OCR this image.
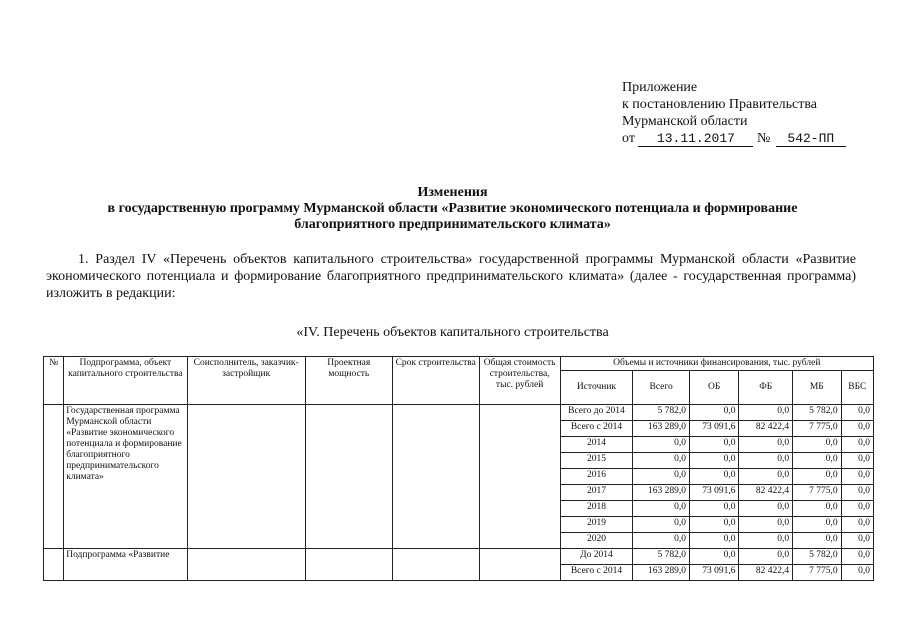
Приложение
к постановлению Правительства
Мурманской области
от 13.11.2017 № 542-ПП
Изменения
в государственную программу Мурманской области «Развитие экономического потенциала и формирование
благоприятного предпринимательского климата»
1. Раздел IV «Перечень объектов капитального строительства» государственной программы Мурманской области «Развитие экономического потенциала и формирование благоприятного предпринимательского климата» (далее - государственная программа) изложить в редакции:
«IV. Перечень объектов капитального строительства
№	Подпрограмма, объект капитального строительства	Соисполнитель, заказчик-застройщик	Проектная мощность	Срок строительства	Общая стоимость строительства, тыс. рублей	Объемы и источники финансирования, тыс. рублей					
						Источник	Всего	ОБ	ФБ	МБ	ВБС
	Государственная программа Мурманской области «Развитие экономического потенциала и формирование благоприятного предпринимательского климата»					Всего до 2014	5 782,0	0,0	0,0	5 782,0	0,0
						Всего с 2014	163 289,0	73 091,6	82 422,4	7 775,0	0,0
						2014	0,0	0,0	0,0	0,0	0,0
						2015	0,0	0,0	0,0	0,0	0,0
						2016	0,0	0,0	0,0	0,0	0,0
						2017	163 289,0	73 091,6	82 422,4	7 775,0	0,0
						2018	0,0	0,0	0,0	0,0	0,0
						2019	0,0	0,0	0,0	0,0	0,0
						2020	0,0	0,0	0,0	0,0	0,0
	Подпрограмма «Развитие					До 2014	5 782,0	0,0	0,0	5 782,0	0,0
						Всего с 2014	163 289,0	73 091,6	82 422,4	7 775,0	0,0
